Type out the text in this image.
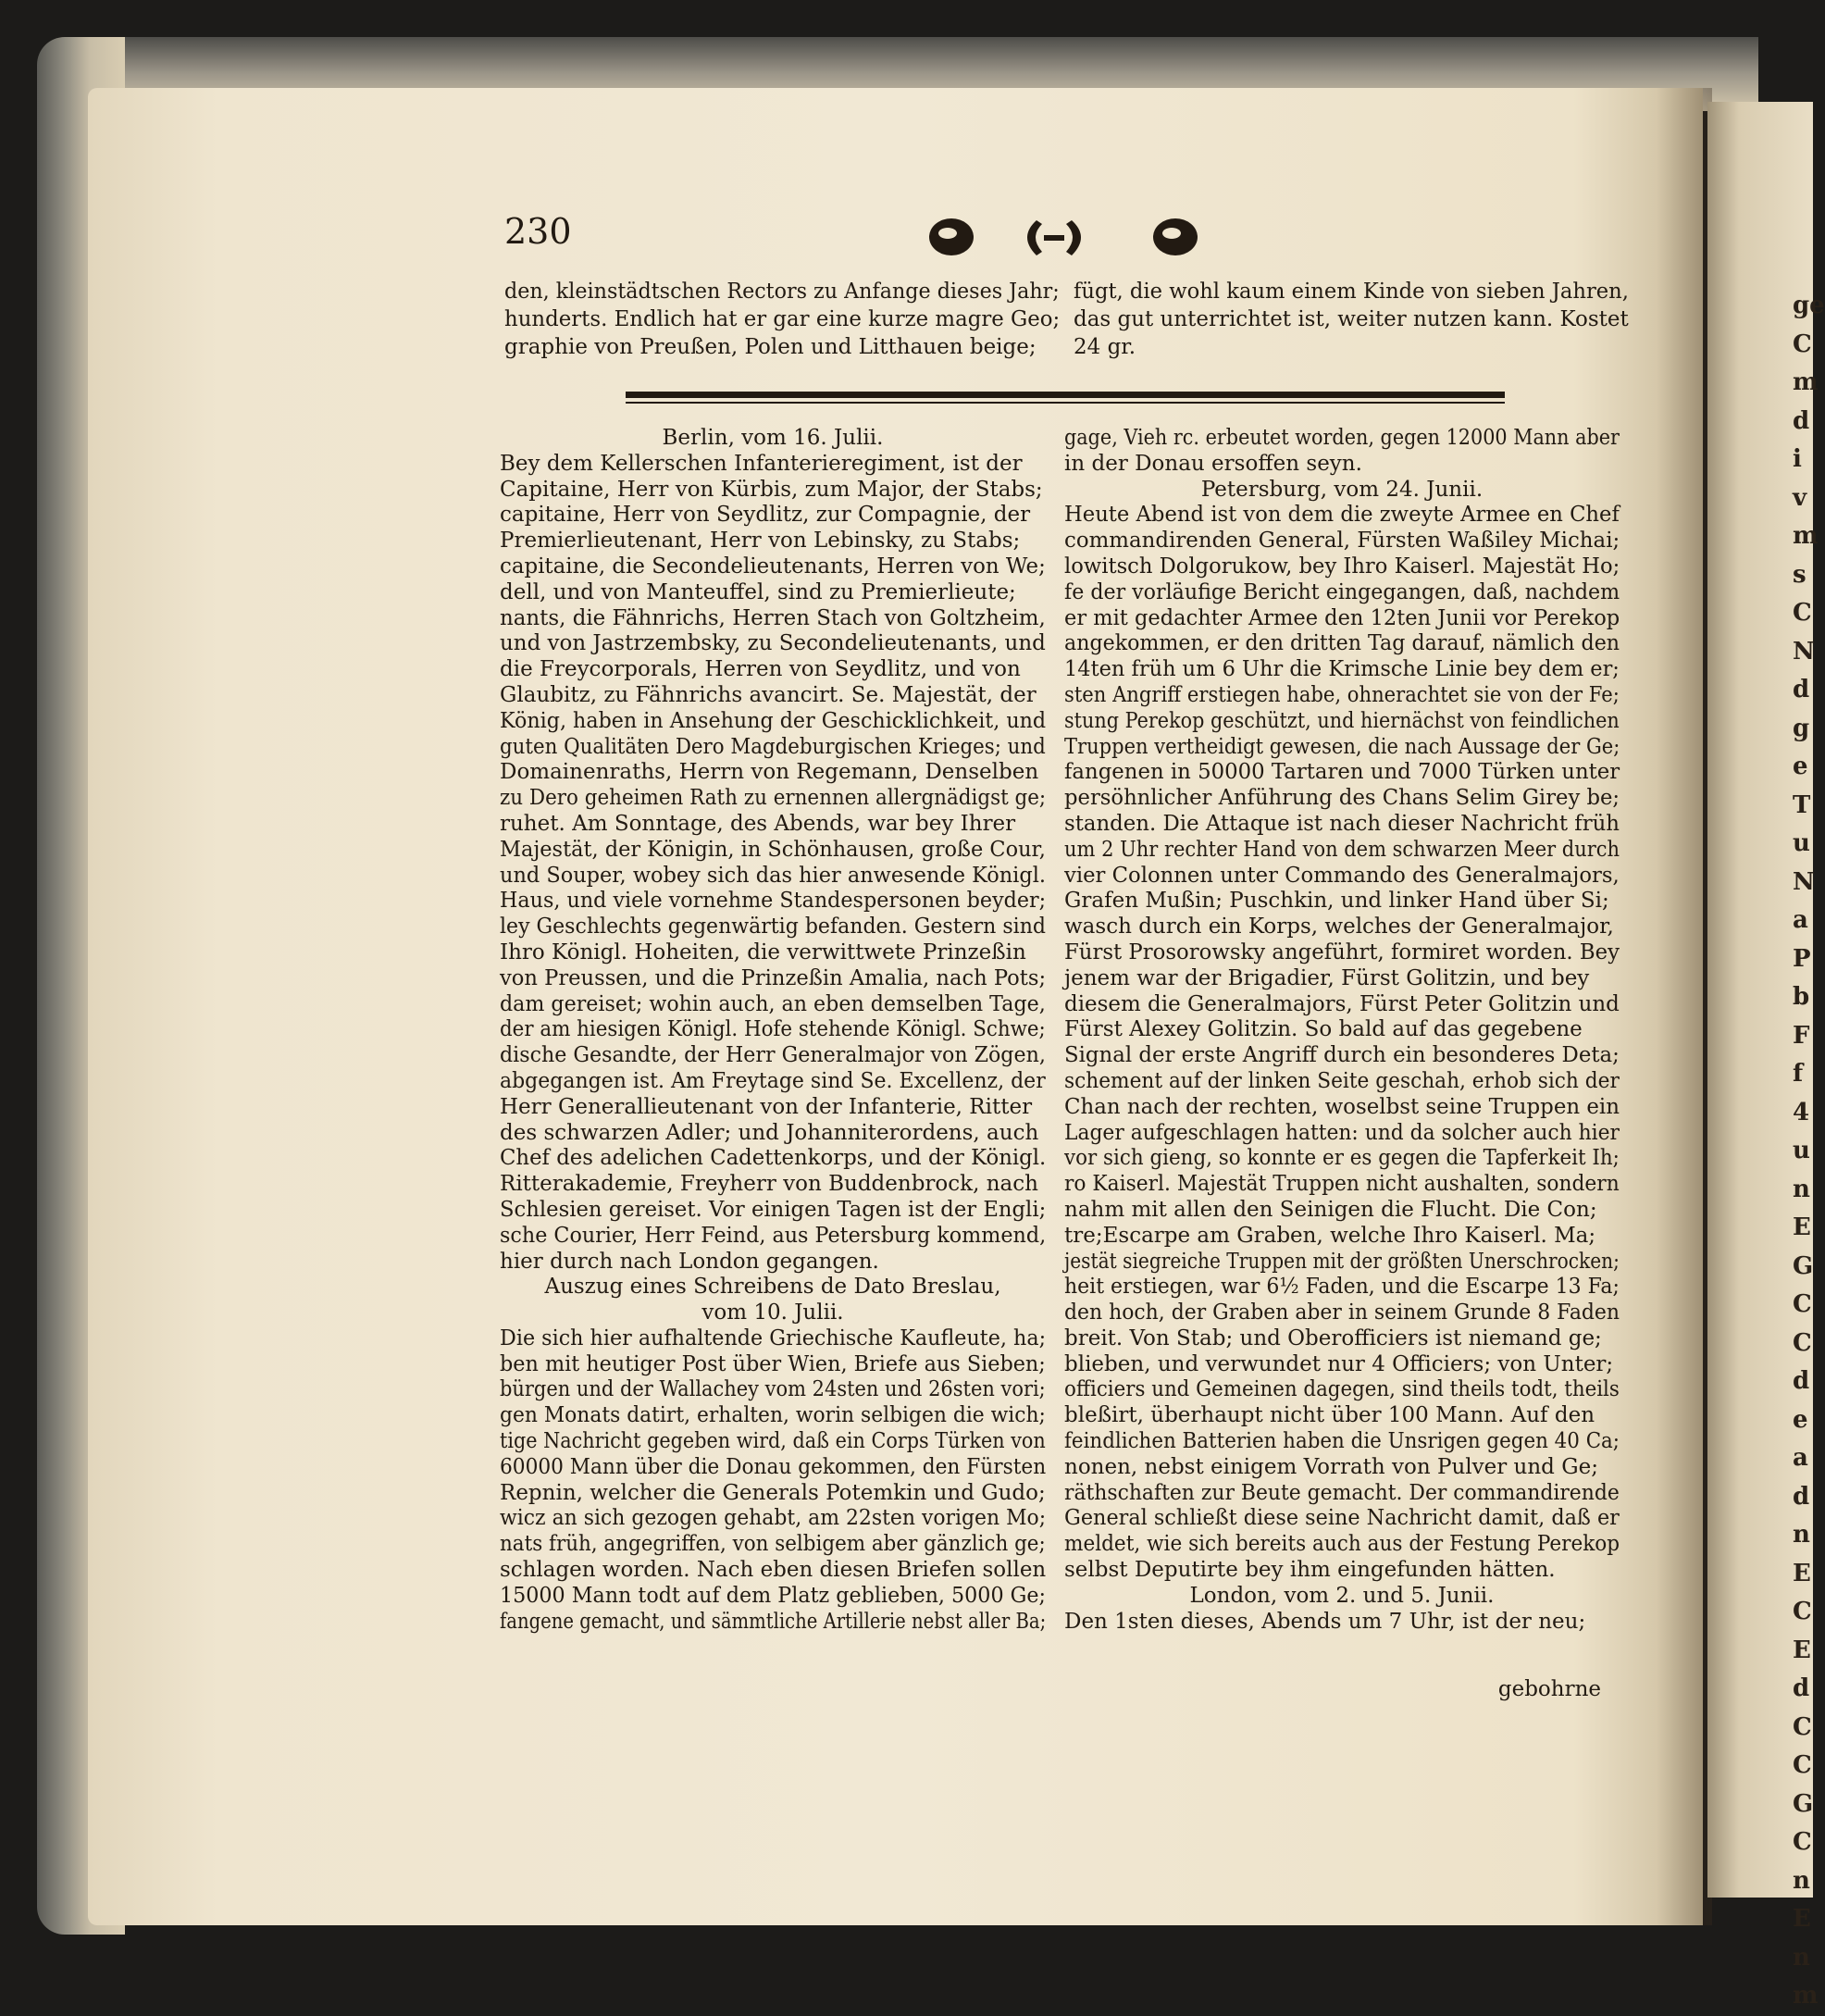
ge
C
m
d
i
v
m
s
C
N
d
g
e
T
u
N
a
P
b
F
f
4
u
n
E
G
C
C
d
e
a
d
n
E
C
E
d
C
C
G
C
n
E
n
m
230
den, kleinstädtschen Rectors zu Anfange dieses Jahr;
hunderts. Endlich hat er gar eine kurze magre Geo;
graphie von Preußen, Polen und Litthauen beige;
fügt, die wohl kaum einem Kinde von sieben Jahren,
das gut unterrichtet ist, weiter nutzen kann. Kostet
24 gr.
Berlin, vom 16. Julii.
Bey dem Kellerschen Infanterieregiment, ist der
Capitaine, Herr von Kürbis, zum Major, der Stabs;
capitaine, Herr von Seydlitz, zur Compagnie, der
Premierlieutenant, Herr von Lebinsky, zu Stabs;
capitaine, die Secondelieutenants, Herren von We;
dell, und von Manteuffel, sind zu Premierlieute;
nants, die Fähnrichs, Herren Stach von Goltzheim,
und von Jastrzembsky, zu Secondelieutenants, und
die Freycorporals, Herren von Seydlitz, und von
Glaubitz, zu Fähnrichs avancirt. Se. Majestät, der
König, haben in Ansehung der Geschicklichkeit, und
guten Qualitäten Dero Magdeburgischen Krieges; und
Domainenraths, Herrn von Regemann, Denselben
zu Dero geheimen Rath zu ernennen allergnädigst ge;
ruhet. Am Sonntage, des Abends, war bey Ihrer
Majestät, der Königin, in Schönhausen, große Cour,
und Souper, wobey sich das hier anwesende Königl.
Haus, und viele vornehme Standespersonen beyder;
ley Geschlechts gegenwärtig befanden. Gestern sind
Ihro Königl. Hoheiten, die verwittwete Prinzeßin
von Preussen, und die Prinzeßin Amalia, nach Pots;
dam gereiset; wohin auch, an eben demselben Tage,
der am hiesigen Königl. Hofe stehende Königl. Schwe;
dische Gesandte, der Herr Generalmajor von Zögen,
abgegangen ist. Am Freytage sind Se. Excellenz, der
Herr Generallieutenant von der Infanterie, Ritter
des schwarzen Adler; und Johanniterordens, auch
Chef des adelichen Cadettenkorps, und der Königl.
Ritterakademie, Freyherr von Buddenbrock, nach
Schlesien gereiset. Vor einigen Tagen ist der Engli;
sche Courier, Herr Feind, aus Petersburg kommend,
hier durch nach London gegangen.
Auszug eines Schreibens de Dato Breslau,
vom 10. Julii.
Die sich hier aufhaltende Griechische Kaufleute, ha;
ben mit heutiger Post über Wien, Briefe aus Sieben;
bürgen und der Wallachey vom 24sten und 26sten vori;
gen Monats datirt, erhalten, worin selbigen die wich;
tige Nachricht gegeben wird, daß ein Corps Türken von
60000 Mann über die Donau gekommen, den Fürsten
Repnin, welcher die Generals Potemkin und Gudo;
wicz an sich gezogen gehabt, am 22sten vorigen Mo;
nats früh, angegriffen, von selbigem aber gänzlich ge;
schlagen worden. Nach eben diesen Briefen sollen
15000 Mann todt auf dem Platz geblieben, 5000 Ge;
fangene gemacht, und sämmtliche Artillerie nebst aller Ba;
gage, Vieh rc. erbeutet worden, gegen 12000 Mann aber
in der Donau ersoffen seyn.
Petersburg, vom 24. Junii.
Heute Abend ist von dem die zweyte Armee en Chef
commandirenden General, Fürsten Waßiley Michai;
lowitsch Dolgorukow, bey Ihro Kaiserl. Majestät Ho;
fe der vorläufige Bericht eingegangen, daß, nachdem
er mit gedachter Armee den 12ten Junii vor Perekop
angekommen, er den dritten Tag darauf, nämlich den
14ten früh um 6 Uhr die Krimsche Linie bey dem er;
sten Angriff erstiegen habe, ohnerachtet sie von der Fe;
stung Perekop geschützt, und hiernächst von feindlichen
Truppen vertheidigt gewesen, die nach Aussage der Ge;
fangenen in 50000 Tartaren und 7000 Türken unter
persöhnlicher Anführung des Chans Selim Girey be;
standen. Die Attaque ist nach dieser Nachricht früh
um 2 Uhr rechter Hand von dem schwarzen Meer durch
vier Colonnen unter Commando des Generalmajors,
Grafen Mußin; Puschkin, und linker Hand über Si;
wasch durch ein Korps, welches der Generalmajor,
Fürst Prosorowsky angeführt, formiret worden. Bey
jenem war der Brigadier, Fürst Golitzin, und bey
diesem die Generalmajors, Fürst Peter Golitzin und
Fürst Alexey Golitzin. So bald auf das gegebene
Signal der erste Angriff durch ein besonderes Deta;
schement auf der linken Seite geschah, erhob sich der
Chan nach der rechten, woselbst seine Truppen ein
Lager aufgeschlagen hatten: und da solcher auch hier
vor sich gieng, so konnte er es gegen die Tapferkeit Ih;
ro Kaiserl. Majestät Truppen nicht aushalten, sondern
nahm mit allen den Seinigen die Flucht. Die Con;
tre;Escarpe am Graben, welche Ihro Kaiserl. Ma;
jestät siegreiche Truppen mit der größten Unerschrocken;
heit erstiegen, war 6½ Faden, und die Escarpe 13 Fa;
den hoch, der Graben aber in seinem Grunde 8 Faden
breit. Von Stab; und Oberofficiers ist niemand ge;
blieben, und verwundet nur 4 Officiers; von Unter;
officiers und Gemeinen dagegen, sind theils todt, theils
bleßirt, überhaupt nicht über 100 Mann. Auf den
feindlichen Batterien haben die Unsrigen gegen 40 Ca;
nonen, nebst einigem Vorrath von Pulver und Ge;
räthschaften zur Beute gemacht. Der commandirende
General schließt diese seine Nachricht damit, daß er
meldet, wie sich bereits auch aus der Festung Perekop
selbst Deputirte bey ihm eingefunden hätten.
London, vom 2. und 5. Junii.
Den 1sten dieses, Abends um 7 Uhr, ist der neu;
gebohrne
